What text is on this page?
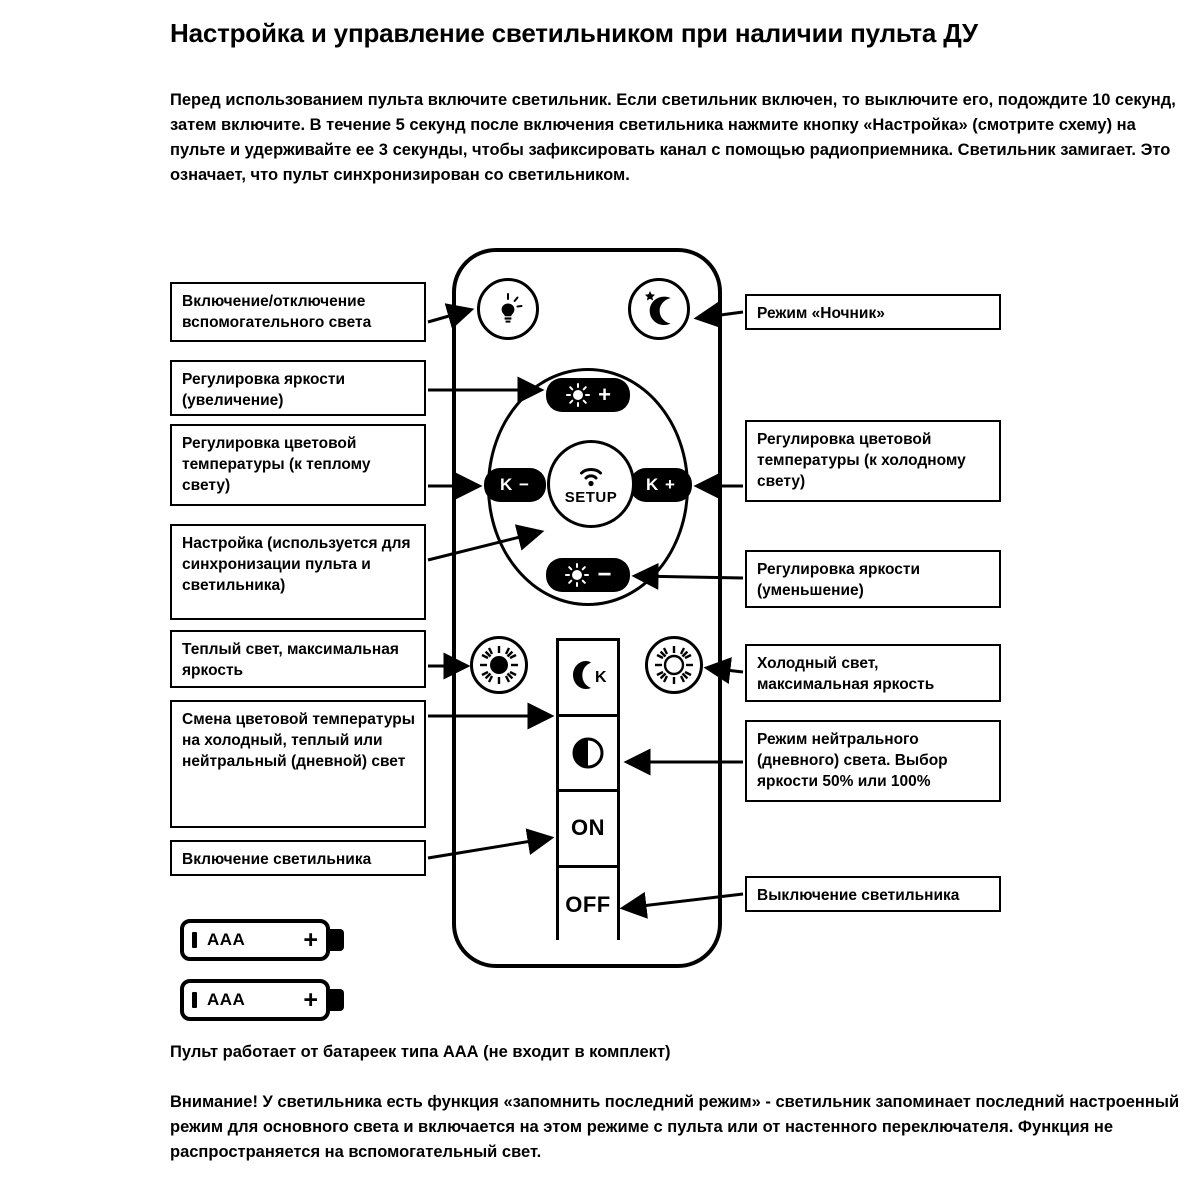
Настройка и управление светильником при наличии пульта ДУ
Перед использованием пульта включите светильник. Если светильник включен, то выключите его, подождите 10 секунд, затем включите. В течение 5 секунд после включения светильника нажмите кнопку «Настройка» (смотрите схему) на пульте и удерживайте ее 3 секунды, чтобы зафиксировать канал с помощью радиоприемника. Светильник замигает. Это означает, что пульт синхронизирован со светильником.
Пульт работает от батареек типа ААА (не входит в комплект)
Внимание! У светильника есть функция «запомнить последний режим» - светильник запоминает последний настроенный режим для основного света и включается на этом режиме с пульта или от настенного переключателя. Функция не распространяется на вспомогательный свет.
+
−
K −	K +
SETUP
K
ON
OFF
Включение/отключение вспомогательного света
Регулировка яркости (увеличение)
Регулировка цветовой температуры (к теплому свету)
Настройка (используется для синхронизации пульта и светильника)
Теплый свет, максимальная яркость
Смена цветовой температуры на холодный, теплый или нейтральный (дневной) свет
Включение светильника
Режим «Ночник»
Регулировка цветовой температуры (к холодному свету)
Регулировка яркости (уменьшение)
Холодный свет, максимальная яркость
Режим нейтрального (дневного) света. Выбор яркости 50% или 100%
Выключение светильника
AAA +
AAA +
